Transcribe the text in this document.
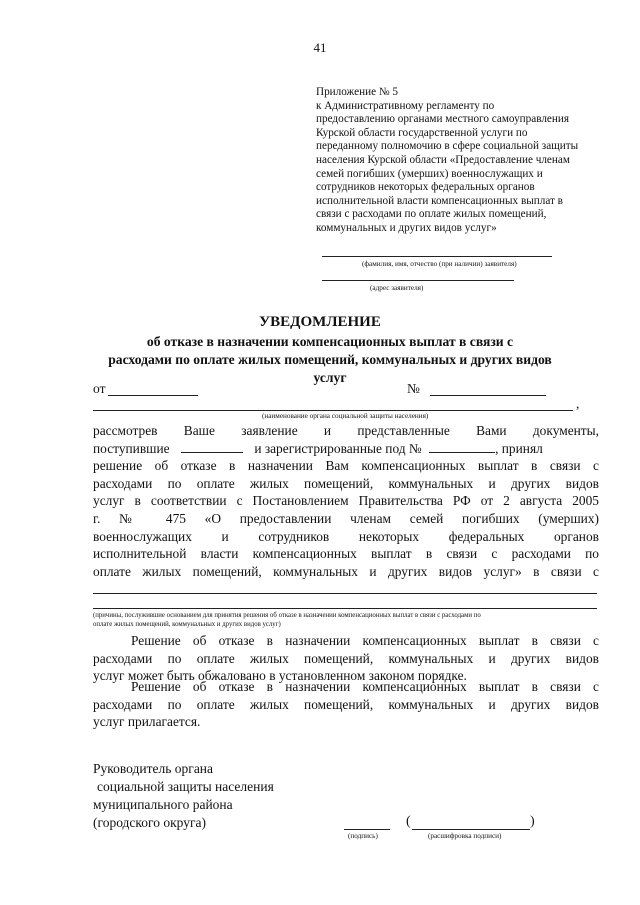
41
Приложение № 5
к Административному регламенту по
предоставлению органами местного самоуправления
Курской области государственной услуги по
переданному полномочию в сфере социальной защиты
населения Курской области «Предоставление членам
семей погибших (умерших) военнослужащих и
сотрудников некоторых федеральных органов
исполнительной власти компенсационных выплат в
связи с расходами по оплате жилых помещений,
коммунальных и других видов услуг»
(фамилия, имя, отчество (при наличии) заявителя)
(адрес заявителя)
УВЕДОМЛЕНИЕ
об отказе в назначении компенсационных выплат в связи с
расходами по оплате жилых помещений, коммунальных и других видов
услуг
от	№
,
(наименование органа социальной защиты населения)
рассмотрев Ваше заявление и представленные Вами документы,
поступившие	и зарегистрированные под №	, принял
решение об отказе в назначении Вам компенсационных выплат в связи с
расходами по оплате жилых помещений, коммунальных и других видов
услуг в соответствии с Постановлением Правительства РФ от 2 августа 2005
г. № 475 «О предоставлении членам семей погибших (умерших)
военнослужащих и сотрудников некоторых федеральных органов
исполнительной власти компенсационных выплат в связи с расходами по
оплате жилых помещений, коммунальных и других видов услуг» в связи с
(причины, послужившие основанием для принятия решения об отказе в назначении компенсационных выплат в связи с расходами по
оплате жилых помещений, коммунальных и других видов услуг)
Решение об отказе в назначении компенсационных выплат в связи с
расходами по оплате жилых помещений, коммунальных и других видов
услуг может быть обжаловано в установленном законом порядке.
Решение об отказе в назначении компенсационных выплат в связи с
расходами по оплате жилых помещений, коммунальных и других видов
услуг прилагается.
Руководитель органа
социальной защиты населения
муниципального района
(городского округа)
(подпись)
(	)
(расшифровка подписи)
